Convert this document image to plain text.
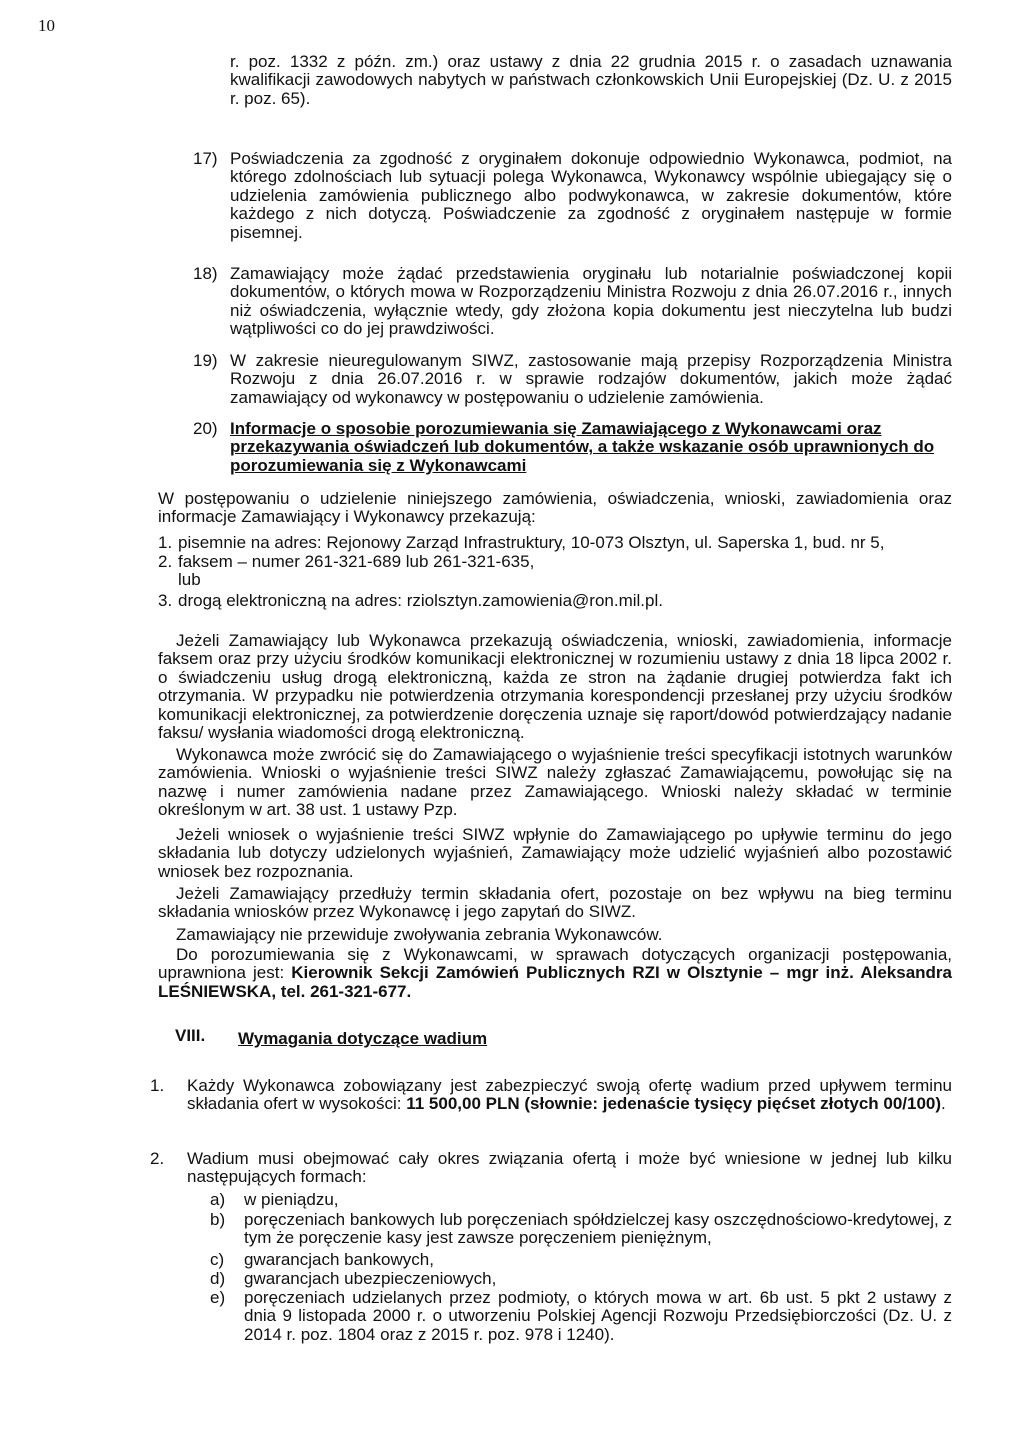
10

r. poz. 1332 z późn. zm.) oraz ustawy z dnia 22 grudnia 2015 r. o zasadach uznawania kwalifikacji zawodowych nabytych w państwach członkowskich Unii Europejskiej (Dz. U. z 2015 r. poz. 65).

17) Poświadczenia za zgodność z oryginałem dokonuje odpowiednio Wykonawca, podmiot, na którego zdolnościach lub sytuacji polega Wykonawca, Wykonawcy wspólnie ubiegający się o udzielenia zamówienia publicznego albo podwykonawca, w zakresie dokumentów, które każdego z nich dotyczą. Poświadczenie za zgodność z oryginałem następuje w formie pisemnej.

18) Zamawiający może żądać przedstawienia oryginału lub notarialnie poświadczonej kopii dokumentów, o których mowa w Rozporządzeniu Ministra Rozwoju z dnia 26.07.2016 r., innych niż oświadczenia, wyłącznie wtedy, gdy złożona kopia dokumentu jest nieczytelna lub budzi wątpliwości co do jej prawdziwości.

19) W zakresie nieuregulowanym SIWZ, zastosowanie mają przepisy Rozporządzenia Ministra Rozwoju z dnia 26.07.2016 r. w sprawie rodzajów dokumentów, jakich może żądać zamawiający od wykonawcy w postępowaniu o udzielenie zamówienia.

20) Informacje o sposobie porozumiewania się Zamawiającego z Wykonawcami oraz przekazywania oświadczeń lub dokumentów, a także wskazanie osób uprawnionych do porozumiewania się z Wykonawcami

W postępowaniu o udzielenie niniejszego zamówienia, oświadczenia, wnioski, zawiadomienia oraz informacje Zamawiający i Wykonawcy przekazują:

1. pisemnie na adres: Rejonowy Zarząd Infrastruktury, 10-073 Olsztyn, ul. Saperska 1, bud. nr 5,
2. faksem – numer 261-321-689 lub 261-321-635,
lub
3. drogą elektroniczną na adres: rziolsztyn.zamowienia@ron.mil.pl.

Jeżeli Zamawiający lub Wykonawca przekazują oświadczenia, wnioski, zawiadomienia, informacje faksem oraz przy użyciu środków komunikacji elektronicznej w rozumieniu ustawy z dnia 18 lipca 2002 r. o świadczeniu usług drogą elektroniczną, każda ze stron na żądanie drugiej potwierdza fakt ich otrzymania. W przypadku nie potwierdzenia otrzymania korespondencji przesłanej przy użyciu środków komunikacji elektronicznej, za potwierdzenie doręczenia uznaje się raport/dowód potwierdzający nadanie faksu/ wysłania wiadomości drogą elektroniczną.

Wykonawca może zwrócić się do Zamawiającego o wyjaśnienie treści specyfikacji istotnych warunków zamówienia. Wnioski o wyjaśnienie treści SIWZ należy zgłaszać Zamawiającemu, powołując się na nazwę i numer zamówienia nadane przez Zamawiającego. Wnioski należy składać w terminie określonym w art. 38 ust. 1 ustawy Pzp.

Jeżeli wniosek o wyjaśnienie treści SIWZ wpłynie do Zamawiającego po upływie terminu do jego składania lub dotyczy udzielonych wyjaśnień, Zamawiający może udzielić wyjaśnień albo pozostawić wniosek bez rozpoznania.

Jeżeli Zamawiający przedłuży termin składania ofert, pozostaje on bez wpływu na bieg terminu składania wniosków przez Wykonawcę i jego zapytań do SIWZ.

Zamawiający nie przewiduje zwoływania zebrania Wykonawców.

Do porozumiewania się z Wykonawcami, w sprawach dotyczących organizacji postępowania, uprawniona jest: Kierownik Sekcji Zamówień Publicznych RZI w Olsztynie – mgr inż. Aleksandra LEŚNIEWSKA, tel. 261-321-677.

VIII. Wymagania dotyczące wadium
1. Każdy Wykonawca zobowiązany jest zabezpieczyć swoją ofertę wadium przed upływem terminu składania ofert w wysokości: 11 500,00 PLN (słownie: jedenaście tysięcy pięćset złotych 00/100).

2. Wadium musi obejmować cały okres związania ofertą i może być wniesione w jednej lub kilku następujących formach:

a) w pieniądzu,
b) poręczeniach bankowych lub poręczeniach spółdzielczej kasy oszczędnościowo-kredytowej, z tym że poręczenie kasy jest zawsze poręczeniem pieniężnym,

c) gwarancjach bankowych,
d) gwarancjach ubezpieczeniowych,
e) poręczeniach udzielanych przez podmioty, o których mowa w art. 6b ust. 5 pkt 2 ustawy z dnia 9 listopada 2000 r. o utworzeniu Polskiej Agencji Rozwoju Przedsiębiorczości (Dz. U. z 2014 r. poz. 1804 oraz z 2015 r. poz. 978 i 1240).
